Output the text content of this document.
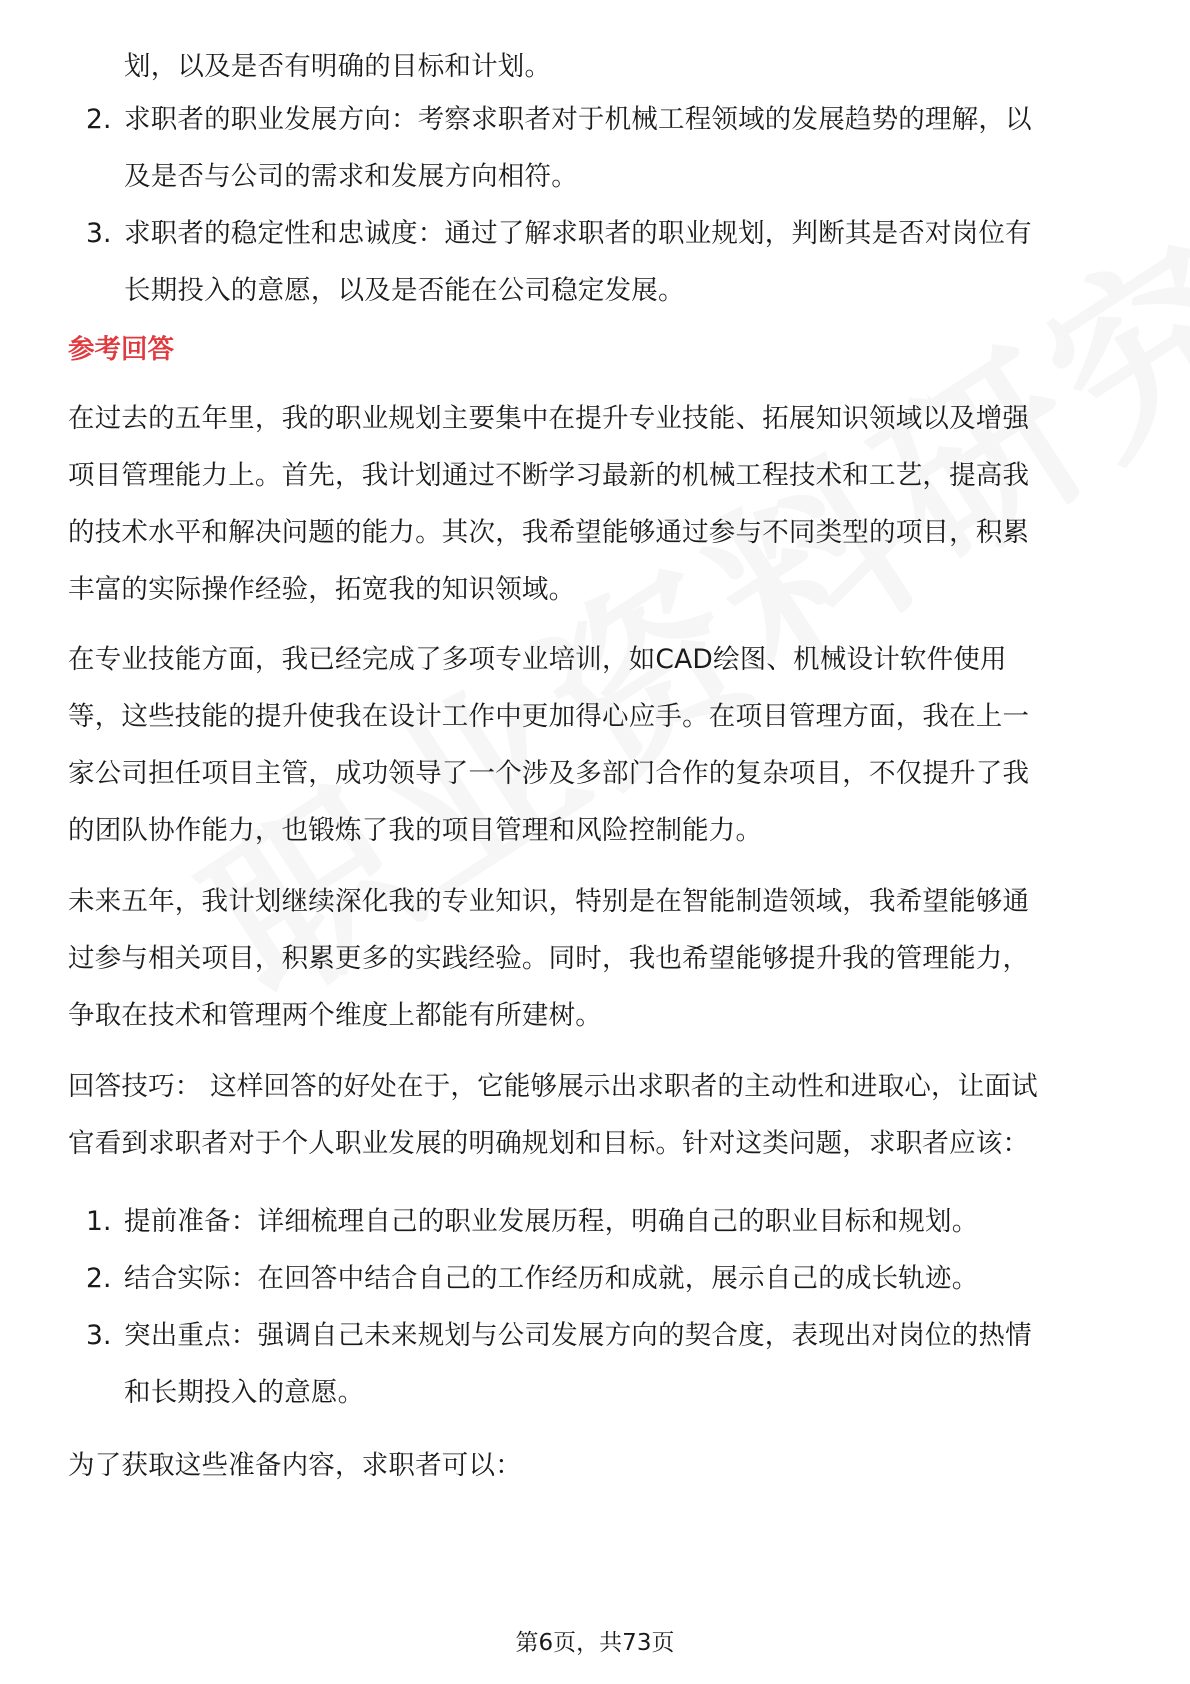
划，以及是否有明确的目标和计划。

2. 求职者的职业发展方向：考察求职者对于机械工程领域的发展趋势的理解，以
及是否与公司的需求和发展方向相符。
3. 求职者的稳定性和忠诚度：通过了解求职者的职业规划，判断其是否对岗位有
长期投入的意愿，以及是否能在公司稳定发展。
参考回答
在过去的五年里，我的职业规划主要集中在提升专业技能、拓展知识领域以及增强
项目管理能力上。首先，我计划通过不断学习最新的机械工程技术和工艺，提高我
的技术水平和解决问题的能力。其次，我希望能够通过参与不同类型的项目，积累
丰富的实际操作经验，拓宽我的知识领域。
在专业技能方面，我已经完成了多项专业培训，如CAD绘图、机械设计软件使用
等，这些技能的提升使我在设计工作中更加得心应手。在项目管理方面，我在上一
家公司担任项目主管，成功领导了一个涉及多部门合作的复杂项目，不仅提升了我
的团队协作能力，也锻炼了我的项目管理和风险控制能力。
未来五年，我计划继续深化我的专业知识，特别是在智能制造领域，我希望能够通
过参与相关项目，积累更多的实践经验。同时，我也希望能够提升我的管理能力，
争取在技术和管理两个维度上都能有所建树。
回答技巧： 这样回答的好处在于，它能够展示出求职者的主动性和进取心，让面试
官看到求职者对于个人职业发展的明确规划和目标。针对这类问题，求职者应该：
1. 提前准备：详细梳理自己的职业发展历程，明确自己的职业目标和规划。
2. 结合实际：在回答中结合自己的工作经历和成就，展示自己的成长轨迹。
3. 突出重点：强调自己未来规划与公司发展方向的契合度，表现出对岗位的热情
和长期投入的意愿。

为了获取这些准备内容，求职者可以：

第6页，共73页
